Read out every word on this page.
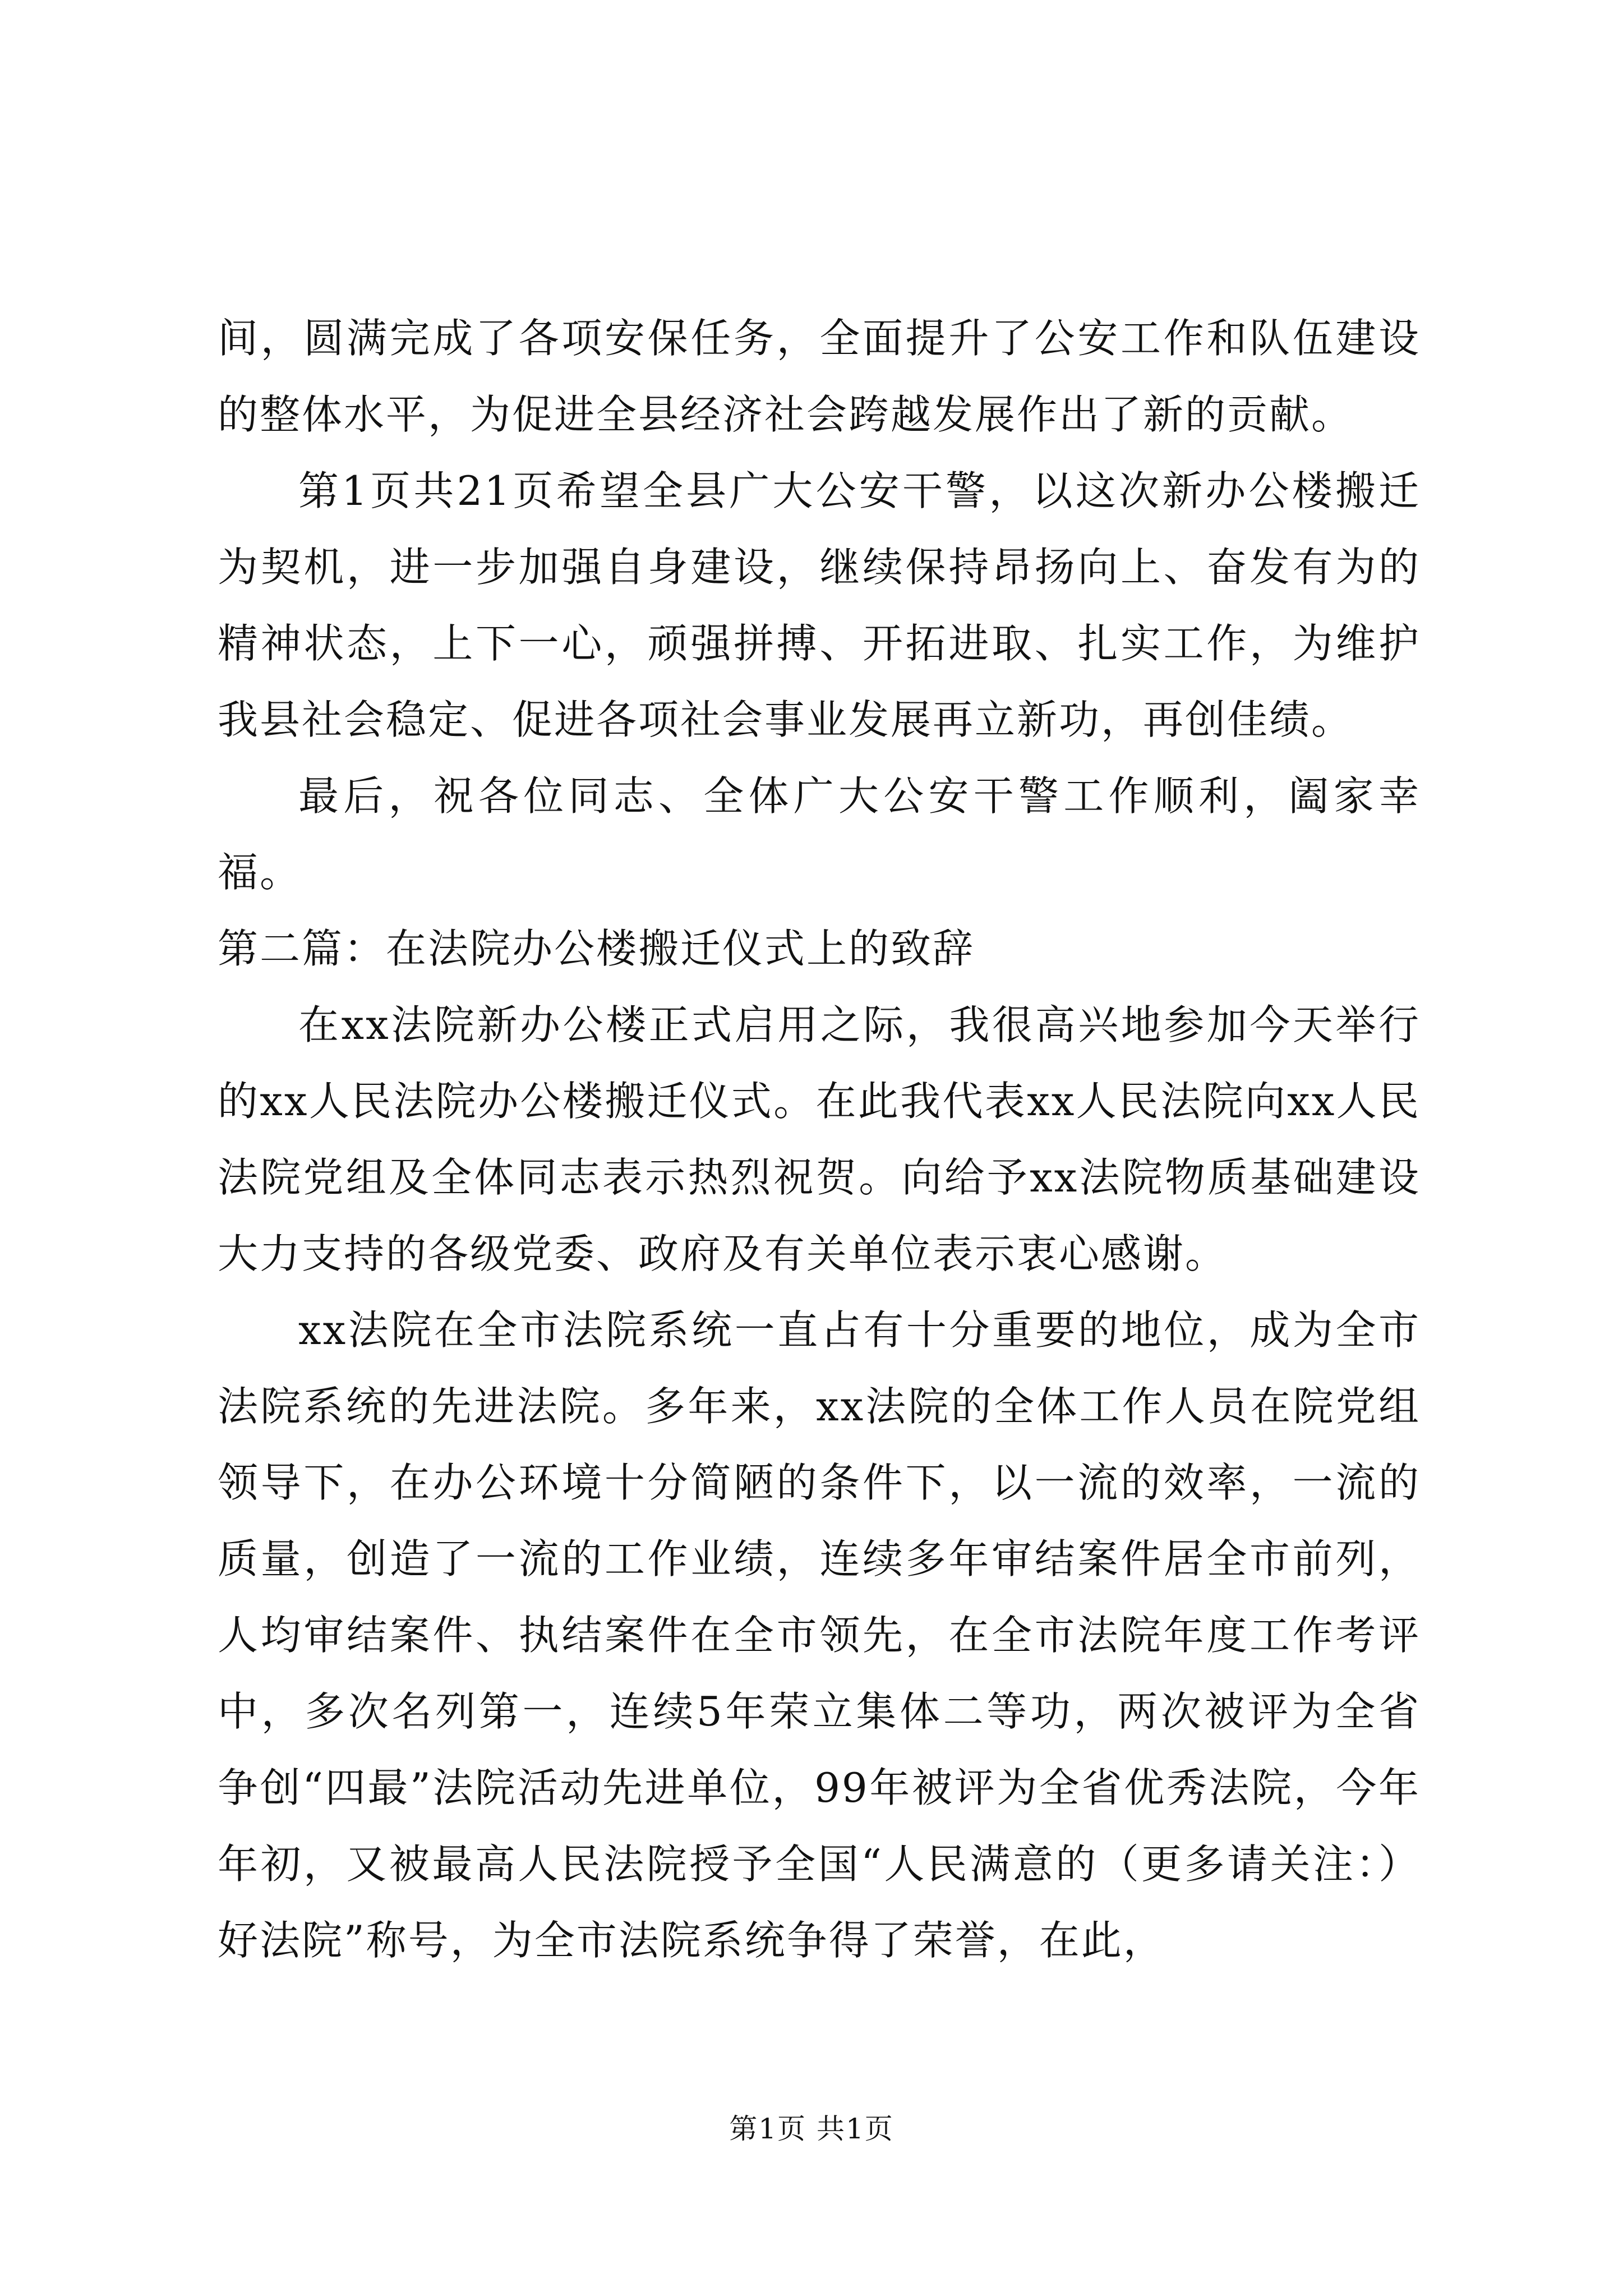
间，圆满完成了各项安保任务，全面提升了公安工作和队伍建设的整体水平，为促进全县经济社会跨越发展作出了新的贡献。

第1页共21页希望全县广大公安干警，以这次新办公楼搬迁为契机，进一步加强自身建设，继续保持昂扬向上、奋发有为的精神状态，上下一心，顽强拼搏、开拓进取、扎实工作，为维护我县社会稳定、促进各项社会事业发展再立新功，再创佳绩。

最后，祝各位同志、全体广大公安干警工作顺利，阖家幸福。

第二篇：在法院办公楼搬迁仪式上的致辞

在xx法院新办公楼正式启用之际，我很高兴地参加今天举行的xx人民法院办公楼搬迁仪式。在此我代表xx人民法院向xx人民法院党组及全体同志表示热烈祝贺。向给予xx法院物质基础建设大力支持的各级党委、政府及有关单位表示衷心感谢。

xx法院在全市法院系统一直占有十分重要的地位，成为全市法院系统的先进法院。多年来，xx法院的全体工作人员在院党组领导下，在办公环境十分简陋的条件下，以一流的效率，一流的质量，创造了一流的工作业绩，连续多年审结案件居全市前列，人均审结案件、执结案件在全市领先，在全市法院年度工作考评中，多次名列第一，连续5年荣立集体二等功，两次被评为全省争创“四最”法院活动先进单位，99年被评为全省优秀法院，今年年初，又被最高人民法院授予全国“人民满意的（更多请关注：）好法院”称号，为全市法院系统争得了荣誉，在此，

第1页 共1页
